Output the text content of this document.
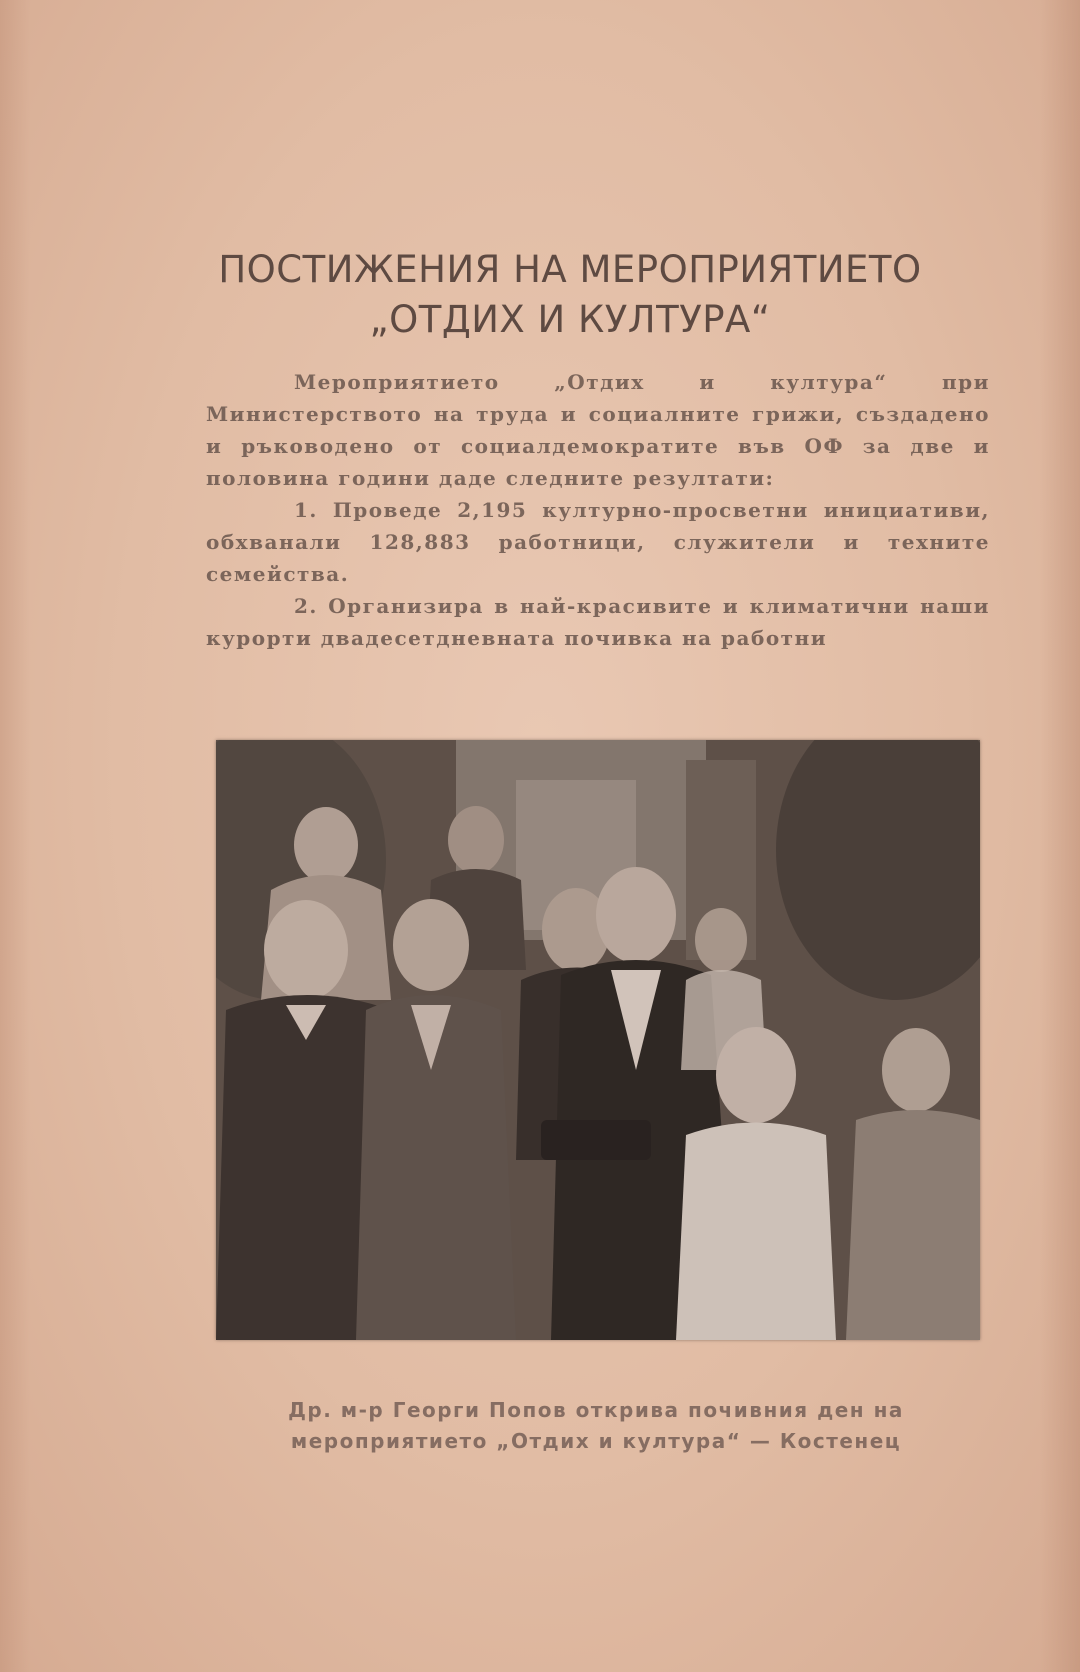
ПОСТИЖЕНИЯ НА МЕРОПРИЯТИЕТО
„ОТДИХ И КУЛТУРА“

Мероприятието „Отдих и култура“ при Министерството на труда и социалните грижи, създадено и ръководено от социалдемократите във ОФ за две и половина години даде следните резултати:

1. Проведе 2,195 културно-просветни инициативи, обхванали 128,883 работници, служители и техните семейства.

2. Организира в най-красивите и климатични наши курорти двадесетдневната почивка на работни

Др. м-р Георги Попов открива почивния ден на
мероприятието „Отдих и култура“ — Костенец
